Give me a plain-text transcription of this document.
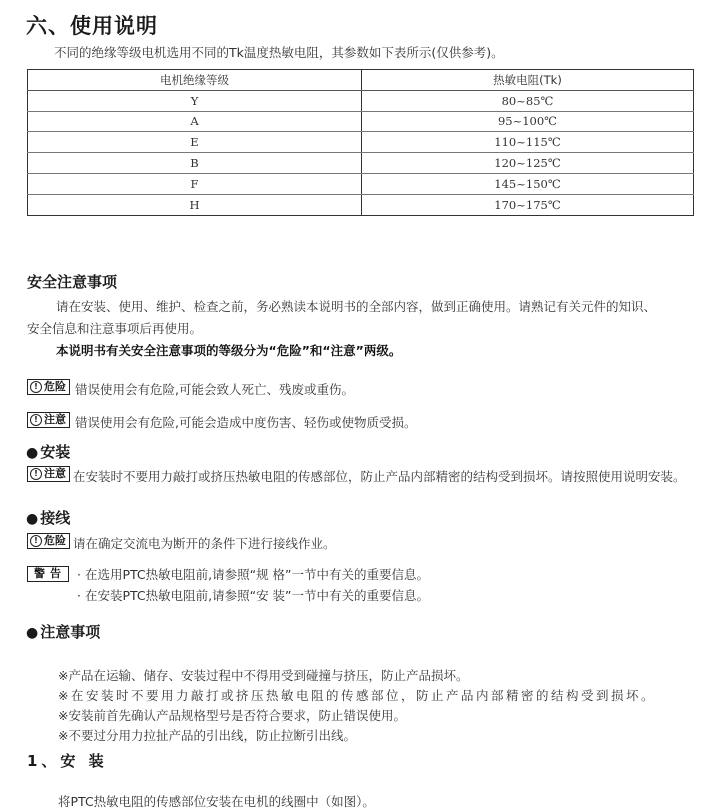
六、使用说明
不同的绝缘等级电机选用不同的Tk温度热敏电阻，其参数如下表所示(仅供参考)。
电机绝缘等级	热敏电阻(Tk)
Y	80~85℃
A	95~100℃
E	110~115℃
B	120~125℃
F	145~150℃
H	170~175℃
安全注意事项
请在安装、使用、维护、检查之前，务必熟读本说明书的全部内容，做到正确使用。请熟记有关元件的知识、
安全信息和注意事项后再使用。
本说明书有关安全注意事项的等级分为“危险”和“注意”两级。
! 危险 错误使用会有危险,可能会致人死亡、残废或重伤。
! 注意 错误使用会有危险,可能会造成中度伤害、轻伤或使物质受损。
● 安装
! 注意 在安装时不要用力敲打或挤压热敏电阻的传感部位，防止产品内部精密的结构受到损坏。请按照使用说明安装。
● 接线
! 危险 请在确定交流电为断开的条件下进行接线作业。
警告 · 在选用PTC热敏电阻前,请参照“规 格”一节中有关的重要信息。
· 在安装PTC热敏电阻前,请参照“安 装”一节中有关的重要信息。
● 注意事项
※产品在运输、储存、安装过程中不得用受到碰撞与挤压，防止产品损坏。
※在安装时不要用力敲打或挤压热敏电阻的传感部位，防止产品内部精密的结构受到损坏。
※安装前首先确认产品规格型号是否符合要求，防止错误使用。
※不要过分用力拉扯产品的引出线，防止拉断引出线。
1、安 装
将PTC热敏电阻的传感部位安装在电机的线圈中（如图）。
